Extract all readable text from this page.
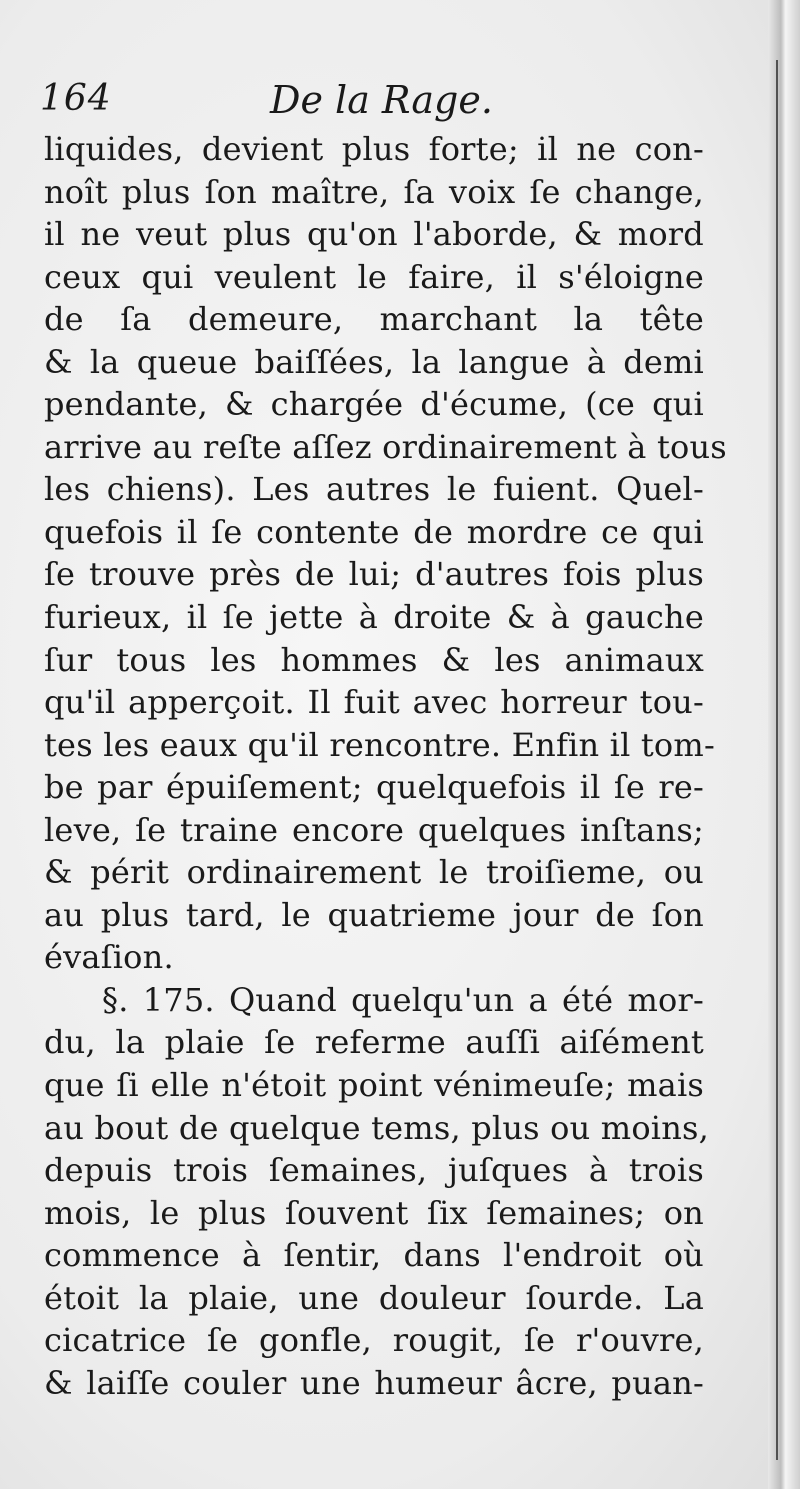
164	De la Rage.
liquides, devient plus forte; il ne con-
noît plus ſon maître, ſa voix ſe change,
il ne veut plus qu'on l'aborde, & mord
ceux qui veulent le faire, il s'éloigne
de ſa demeure, marchant la tête
& la queue baiſſées, la langue à demi
pendante, & chargée d'écume, (ce qui
arrive au reſte aſſez ordinairement à tous
les chiens). Les autres le fuient. Quel-
quefois il ſe contente de mordre ce qui
ſe trouve près de lui; d'autres fois plus
furieux, il ſe jette à droite & à gauche
ſur tous les hommes & les animaux
qu'il apperçoit. Il fuit avec horreur tou-
tes les eaux qu'il rencontre. Enfin il tom-
be par épuiſement; quelquefois il ſe re-
leve, ſe traine encore quelques inſtans;
& périt ordinairement le troiſieme, ou
au plus tard, le quatrieme jour de ſon
évaſion.
§. 175. Quand quelqu'un a été mor-
du, la plaie ſe referme auſſi aiſément
que ſi elle n'étoit point vénimeuſe; mais
au bout de quelque tems, plus ou moins,
depuis trois ſemaines, juſques à trois
mois, le plus ſouvent ſix ſemaines; on
commence à ſentir, dans l'endroit où
étoit la plaie, une douleur ſourde. La
cicatrice ſe gonfle, rougit, ſe r'ouvre,
& laiſſe couler une humeur âcre, puan-
